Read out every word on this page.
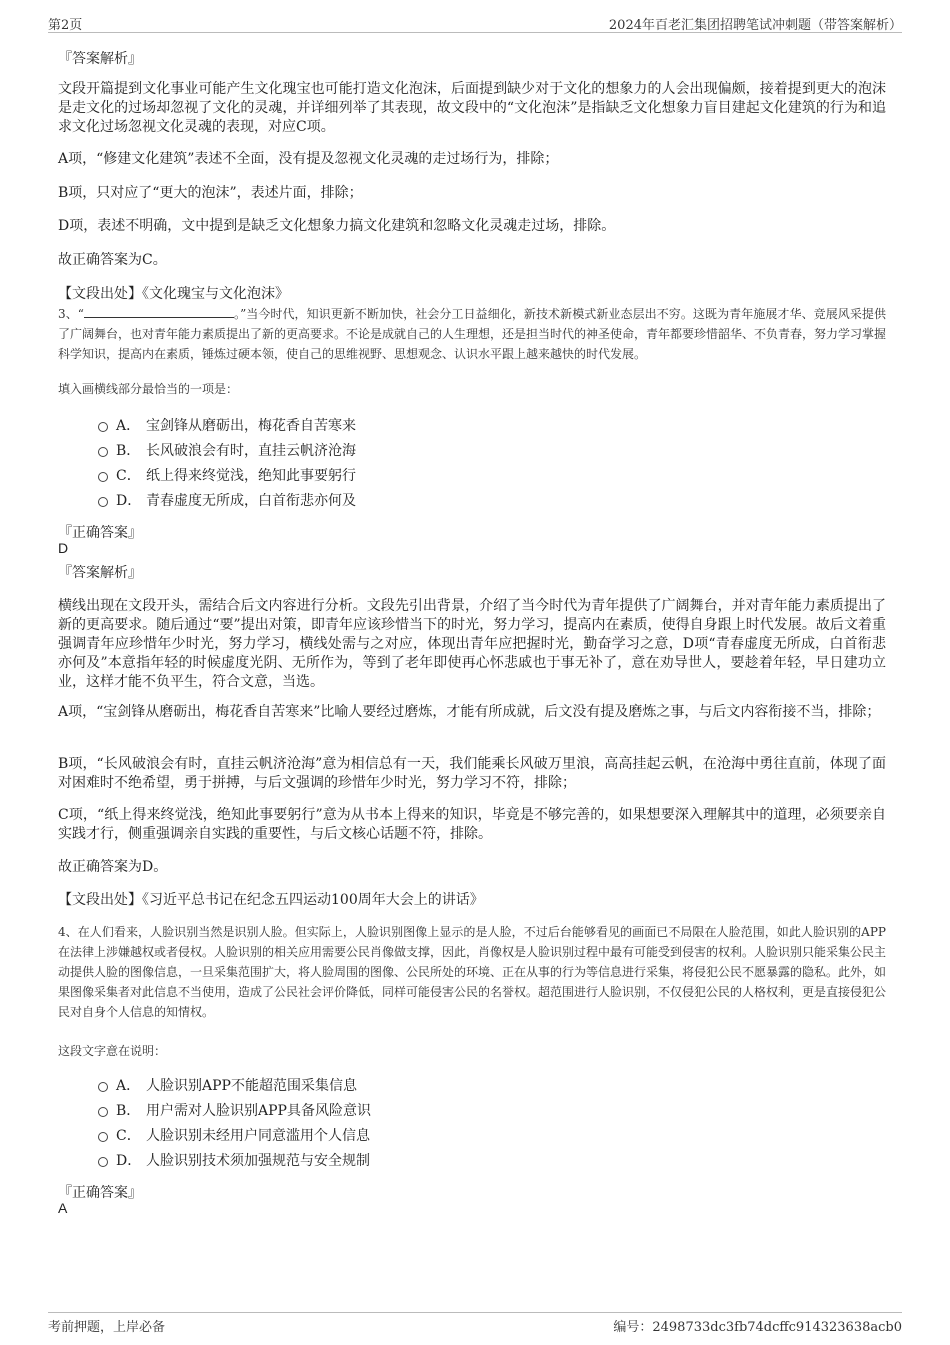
第2页	2024年百老汇集团招聘笔试冲刺题（带答案解析）
『答案解析』
文段开篇提到文化事业可能产生文化瑰宝也可能打造文化泡沫，后面提到缺少对于文化的想象力的人会出现偏颇，接着提到更大的泡沫是走文化的过场却忽视了文化的灵魂，并详细列举了其表现，故文段中的“文化泡沫”是指缺乏文化想象力盲目建起文化建筑的行为和追求文化过场忽视文化灵魂的表现，对应C项。
A项，“修建文化建筑”表述不全面，没有提及忽视文化灵魂的走过场行为，排除；
B项，只对应了“更大的泡沫”，表述片面，排除；
D项，表述不明确，文中提到是缺乏文化想象力搞文化建筑和忽略文化灵魂走过场，排除。
故正确答案为C。
【文段出处】《文化瑰宝与文化泡沫》
3、“	。”当今时代，知识更新不断加快，社会分工日益细化，新技术新模式新业态层出不穷。这既为青年施展才华、竞展风采提供了广阔舞台，也对青年能力素质提出了新的更高要求。不论是成就自己的人生理想，还是担当时代的神圣使命，青年都要珍惜韶华、不负青春，努力学习掌握科学知识，提高内在素质，锤炼过硬本领，使自己的思维视野、思想观念、认识水平跟上越来越快的时代发展。
填入画横线部分最恰当的一项是：
A． 宝剑锋从磨砺出，梅花香自苦寒来
B． 长风破浪会有时，直挂云帆济沧海
C． 纸上得来终觉浅，绝知此事要躬行
D． 青春虚度无所成，白首衔悲亦何及
『正确答案』
D
『答案解析』
横线出现在文段开头，需结合后文内容进行分析。文段先引出背景，介绍了当今时代为青年提供了广阔舞台，并对青年能力素质提出了新的更高要求。随后通过“要”提出对策，即青年应该珍惜当下的时光，努力学习，提高内在素质，使得自身跟上时代发展。故后文着重强调青年应珍惜年少时光，努力学习，横线处需与之对应，体现出青年应把握时光，勤奋学习之意，D项“青春虚度无所成，白首衔悲亦何及”本意指年轻的时候虚度光阴、无所作为，等到了老年即使再心怀悲戚也于事无补了，意在劝导世人，要趁着年轻，早日建功立业，这样才能不负平生，符合文意，当选。
A项，“宝剑锋从磨砺出，梅花香自苦寒来”比喻人要经过磨炼，才能有所成就，后文没有提及磨炼之事，与后文内容衔接不当，排除；
B项，“长风破浪会有时，直挂云帆济沧海”意为相信总有一天，我们能乘长风破万里浪，高高挂起云帆，在沧海中勇往直前，体现了面对困难时不绝希望，勇于拼搏，与后文强调的珍惜年少时光，努力学习不符，排除；
C项，“纸上得来终觉浅，绝知此事要躬行”意为从书本上得来的知识，毕竟是不够完善的，如果想要深入理解其中的道理，必须要亲自实践才行，侧重强调亲自实践的重要性，与后文核心话题不符，排除。
故正确答案为D。
【文段出处】《习近平总书记在纪念五四运动100周年大会上的讲话》
4、在人们看来，人脸识别当然是识别人脸。但实际上，人脸识别图像上显示的是人脸，不过后台能够看见的画面已不局限在人脸范围，如此人脸识别的APP在法律上涉嫌越权或者侵权。人脸识别的相关应用需要公民肖像做支撑，因此，肖像权是人脸识别过程中最有可能受到侵害的权利。人脸识别只能采集公民主动提供人脸的图像信息，一旦采集范围扩大，将人脸周围的图像、公民所处的环境、正在从事的行为等信息进行采集，将侵犯公民不愿暴露的隐私。此外，如果图像采集者对此信息不当使用，造成了公民社会评价降低，同样可能侵害公民的名誉权。超范围进行人脸识别，不仅侵犯公民的人格权利，更是直接侵犯公民对自身个人信息的知情权。
这段文字意在说明：
A． 人脸识别APP不能超范围采集信息
B． 用户需对人脸识别APP具备风险意识
C． 人脸识别未经用户同意滥用个人信息
D． 人脸识别技术须加强规范与安全规制
『正确答案』
A
考前押题，上岸必备	编号：2498733dc3fb74dcffc914323638acb0
